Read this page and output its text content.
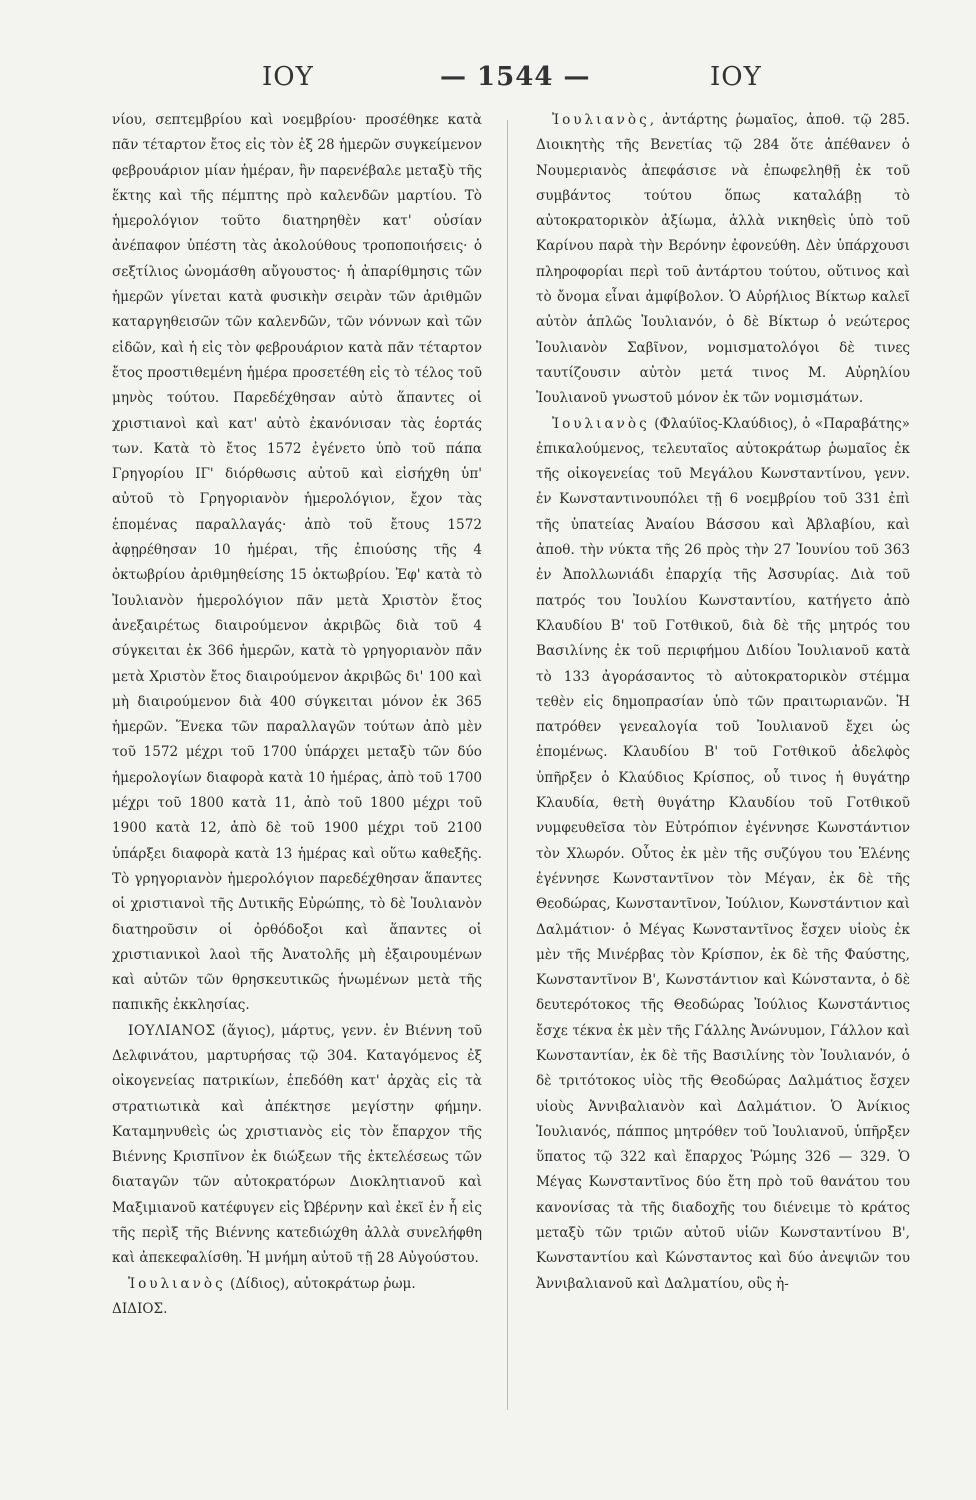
ΙΟΥ	— 1544 —	ΙΟΥ

νίου, σεπτεμβρίου καὶ νοεμβρίου· προσέθηκε κατὰ πᾶν τέταρτον ἔτος εἰς τὸν ἐξ 28 ἡμερῶν συγκείμενον φεβρουάριον μίαν ἡμέραν, ἣν παρενέβαλε μεταξὺ τῆς ἕκτης καὶ τῆς πέμπτης πρὸ καλενδῶν μαρτίου. Τὸ ἡμερολόγιον τοῦτο διατηρηθὲν κατ' οὐσίαν ἀνέπαφον ὑπέστη τὰς ἀκολούθους τροποποιήσεις· ὁ σεξτίλιος ὠνομάσθη αὔγουστος· ἡ ἀπαρίθμησις τῶν ἡμερῶν γίνεται κατὰ φυσικὴν σειρὰν τῶν ἀριθμῶν καταργηθεισῶν τῶν καλενδῶν, τῶν νόννων καὶ τῶν εἰδῶν, καὶ ἡ εἰς τὸν φεβρουάριον κατὰ πᾶν τέταρτον ἔτος προστιθεμένη ἡμέρα προσετέθη εἰς τὸ τέλος τοῦ μηνὸς τούτου. Παρεδέχθησαν αὐτὸ ἅπαντες οἱ χριστιανοὶ καὶ κατ' αὐτὸ ἐκανόνισαν τὰς ἑορτάς των. Κατὰ τὸ ἔτος 1572 ἐγένετο ὑπὸ τοῦ πάπα Γρηγορίου ΙΓ' διόρθωσις αὐτοῦ καὶ εἰσήχθη ὑπ' αὐτοῦ τὸ Γρηγοριανὸν ἡμερολόγιον, ἔχον τὰς ἑπομένας παραλλαγάς· ἀπὸ τοῦ ἔτους 1572 ἀφῃρέθησαν 10 ἡμέραι, τῆς ἐπιούσης τῆς 4 ὀκτωβρίου ἀριθμηθείσης 15 ὀκτωβρίου. Ἐφ' κατὰ τὸ Ἰουλιανὸν ἡμερολόγιον πᾶν μετὰ Χριστὸν ἔτος ἀνεξαιρέτως διαιρούμενον ἀκριβῶς διὰ τοῦ 4 σύγκειται ἐκ 366 ἡμερῶν, κατὰ τὸ γρηγοριανὸν πᾶν μετὰ Χριστὸν ἔτος διαιρούμενον ἀκριβῶς δι' 100 καὶ μὴ διαιρούμενον διὰ 400 σύγκειται μόνον ἐκ 365 ἡμερῶν. Ἕνεκα τῶν παραλλαγῶν τούτων ἀπὸ μὲν τοῦ 1572 μέχρι τοῦ 1700 ὑπάρχει μεταξὺ τῶν δύο ἡμερολογίων διαφορὰ κατὰ 10 ἡμέρας, ἀπὸ τοῦ 1700 μέχρι τοῦ 1800 κατὰ 11, ἀπὸ τοῦ 1800 μέχρι τοῦ 1900 κατὰ 12, ἀπὸ δὲ τοῦ 1900 μέχρι τοῦ 2100 ὑπάρξει διαφορὰ κατὰ 13 ἡμέρας καὶ οὕτω καθεξῆς. Τὸ γρηγοριανὸν ἡμερολόγιον παρεδέχθησαν ἅπαντες οἱ χριστιανοὶ τῆς Δυτικῆς Εὐρώπης, τὸ δὲ Ἰουλιανὸν διατηροῦσιν οἱ ὀρθόδοξοι καὶ ἅπαντες οἱ χριστιανικοὶ λαοὶ τῆς Ἀνατολῆς μὴ ἐξαιρουμένων καὶ αὐτῶν τῶν θρησκευτικῶς ἡνωμένων μετὰ τῆς παπικῆς ἐκκλησίας.

ΙΟΥΛΙΑΝΟΣ (ἅγιος), μάρτυς, γενν. ἐν Βιέννη τοῦ Δελφινάτου, μαρτυρήσας τῷ 304. Καταγόμενος ἐξ οἰκογενείας πατρικίων, ἐπεδόθη κατ' ἀρχὰς εἰς τὰ στρατιωτικὰ καὶ ἀπέκτησε μεγίστην φήμην. Καταμηνυθεὶς ὡς χριστιανὸς εἰς τὸν ἔπαρχον τῆς Βιέννης Κρισπῖνον ἐκ διώξεων τῆς ἐκτελέσεως τῶν διαταγῶν τῶν αὐτοκρατόρων Διοκλητιανοῦ καὶ Μαξιμιανοῦ κατέφυγεν εἰς Ὠβέρνην καὶ ἐκεῖ ἐν ἧ εἰς τῆς περὶξ τῆς Βιέννης κατεδιώχθη ἀλλὰ συνελήφθη καὶ ἀπεκεφαλίσθη. Ἡ μνήμη αὐτοῦ τῇ 28 Αὐγούστου.

Ἰουλιανὸς (Δίδιος), αὐτοκράτωρ ῥωμ.

ΔΙΔΙΟΣ.

Ἰουλιανὸς, ἀντάρτης ῥωμαῖος, ἀποθ. τῷ 285. Διοικητὴς τῆς Βενετίας τῷ 284 ὅτε ἀπέθανεν ὁ Νουμεριανὸς ἀπεφάσισε νὰ ἐπωφεληθῇ ἐκ τοῦ συμβάντος τούτου ὅπως καταλάβῃ τὸ αὐτοκρατορικὸν ἀξίωμα, ἀλλὰ νικηθεὶς ὑπὸ τοῦ Καρίνου παρὰ τὴν Βερόνην ἐφονεύθη. Δὲν ὑπάρχουσι πληροφορίαι περὶ τοῦ ἀντάρτου τούτου, οὔτινος καὶ τὸ ὄνομα εἶναι ἀμφίβολον. Ὁ Αὐρήλιος Βίκτωρ καλεῖ αὐτὸν ἁπλῶς Ἰουλιανόν, ὁ δὲ Βίκτωρ ὁ νεώτερος Ἰουλιανὸν Σαβῖνον, νομισματολόγοι δὲ τινες ταυτίζουσιν αὐτὸν μετά τινος Μ. Αὐρηλίου Ἰουλιανοῦ γνωστοῦ μόνον ἐκ τῶν νομισμάτων.

Ἰουλιανὸς (Φλαύϊος-Κλαύδιος), ὁ «Παραβάτης» ἐπικαλούμενος, τελευταῖος αὐτοκράτωρ ῥωμαῖος ἐκ τῆς οἰκογενείας τοῦ Μεγάλου Κωνσταντίνου, γενν. ἐν Κωνσταντινουπόλει τῇ 6 νοεμβρίου τοῦ 331 ἐπὶ τῆς ὑπατείας Ἀναίου Βάσσου καὶ Ἀβλαβίου, καὶ ἀποθ. τὴν νύκτα τῆς 26 πρὸς τὴν 27 Ἰουνίου τοῦ 363 ἐν Ἀπολλωνιάδι ἐπαρχίᾳ τῆς Ἀσσυρίας. Διὰ τοῦ πατρός του Ἰουλίου Κωνσταντίου, κατήγετο ἀπὸ Κλαυδίου Β' τοῦ Γοτθικοῦ, διὰ δὲ τῆς μητρός του Βασιλίνης ἐκ τοῦ περιφήμου Διδίου Ἰουλιανοῦ κατὰ τὸ 133 ἀγοράσαντος τὸ αὐτοκρατορικὸν στέμμα τεθὲν εἰς δημοπρασίαν ὑπὸ τῶν πραιτωριανῶν. Ἡ πατρόθεν γενεαλογία τοῦ Ἰουλιανοῦ ἔχει ὡς ἑπομένως. Κλαυδίου Β' τοῦ Γοτθικοῦ ἀδελφὸς ὑπῆρξεν ὁ Κλαύδιος Κρίσπος, οὗ τινος ἡ θυγάτηρ Κλαυδία, θετὴ θυγάτηρ Κλαυδίου τοῦ Γοτθικοῦ νυμφευθεῖσα τὸν Εὐτρόπιον ἐγέννησε Κωνστάντιον τὸν Χλωρόν. Οὗτος ἐκ μὲν τῆς συζύγου του Ἑλένης ἐγέννησε Κωνσταντῖνον τὸν Μέγαν, ἐκ δὲ τῆς Θεοδώρας, Κωνσταντῖνον, Ἰούλιον, Κωνστάντιον καὶ Δαλμάτιον· ὁ Μέγας Κωνσταντῖνος ἔσχεν υἱοὺς ἐκ μὲν τῆς Μινέρβας τὸν Κρίσπον, ἐκ δὲ τῆς Φαύστης, Κωνσταντῖνον Β', Κωνστάντιον καὶ Κώνσταντα, ὁ δὲ δευτερότοκος τῆς Θεοδώρας Ἰούλιος Κωνστάντιος ἔσχε τέκνα ἐκ μὲν τῆς Γάλλης Ἀνώνυμον, Γάλλον καὶ Κωνσταντίαν, ἐκ δὲ τῆς Βασιλίνης τὸν Ἰουλιανόν, ὁ δὲ τριτότοκος υἱὸς τῆς Θεοδώρας Δαλμάτιος ἔσχεν υἱοὺς Ἀννιβαλιανὸν καὶ Δαλμάτιον. Ὁ Ἀνίκιος Ἰουλιανός, πάππος μητρόθεν τοῦ Ἰουλιανοῦ, ὑπῆρξεν ὕπατος τῷ 322 καὶ ἔπαρχος Ῥώμης 326 — 329. Ὁ Μέγας Κωνσταντῖνος δύο ἔτη πρὸ τοῦ θανάτου του κανονίσας τὰ τῆς διαδοχῆς του διένειμε τὸ κράτος μεταξὺ τῶν τριῶν αὐτοῦ υἱῶν Κωνσταντίνου Β', Κωνσταντίου καὶ Κώνσταντος καὶ δύο ἀνεψιῶν του Ἀννιβαλιανοῦ καὶ Δαλματίου, οὓς ἠ-
